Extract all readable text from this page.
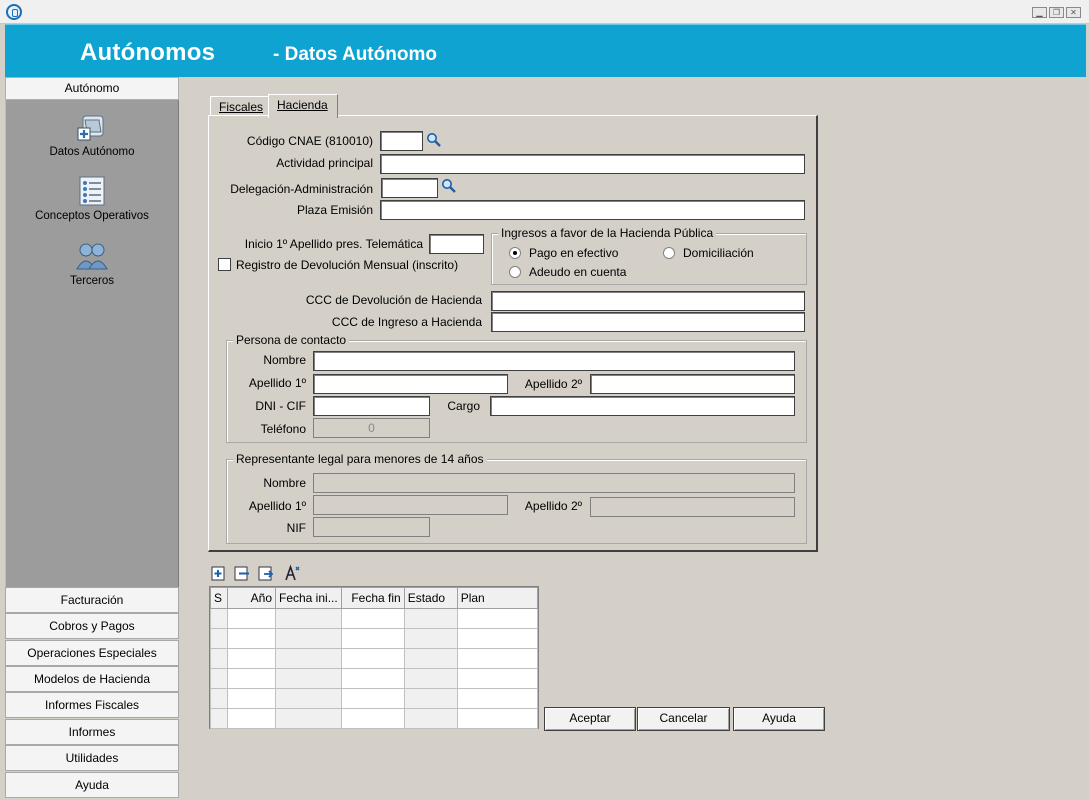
▁	❐	✕
Autónomos	- Datos Autónomo
Autónomo
Datos Autónomo
Conceptos Operativos
Terceros
Facturación
Cobros y Pagos
Operaciones Especiales
Modelos de Hacienda
Informes Fiscales
Informes
Utilidades
Ayuda
Fiscales	Hacienda
Código CNAE (810010)
Actividad principal
Delegación-Administración
Plaza Emisión
Inicio 1º Apellido pres. Telemática
Registro de Devolución Mensual (inscrito)
Ingresos a favor de la Hacienda Pública
Pago en efectivo	Domiciliación
Adeudo en cuenta
CCC de Devolución de Hacienda
CCC de Ingreso a Hacienda
Persona de contacto
Nombre
Apellido 1º	Apellido 2º
DNI - CIF	Cargo
Teléfono	0
Representante legal para menores de 14 años
Nombre
Apellido 1º	Apellido 2º
NIF
S	Año	Fecha ini...	Fecha fin	Estado	Plan

Aceptar	Cancelar	Ayuda
